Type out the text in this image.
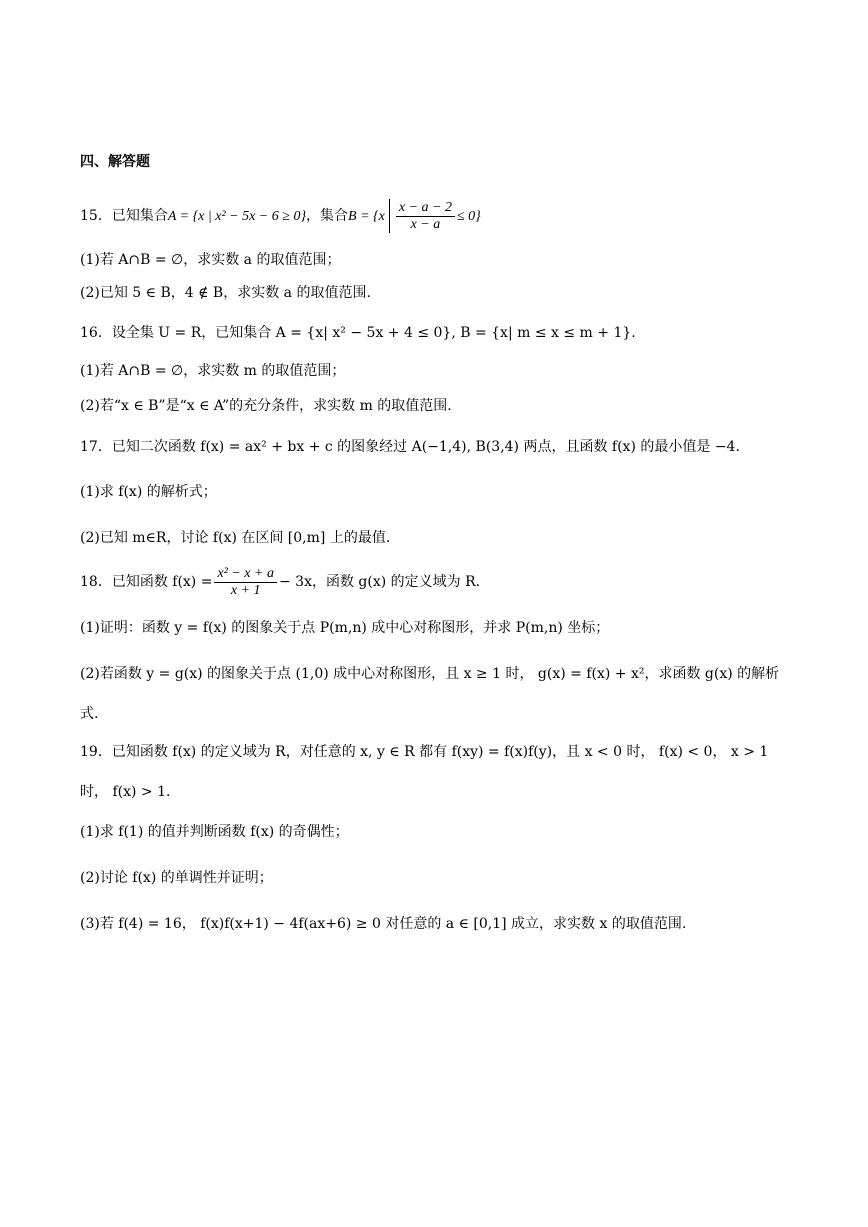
四、解答题
15．已知集合A = {x | x² − 5x − 6 ≥ 0}，集合$B = \{x \frac{x - a - 2}{x - a} \le 0\}$
(1)若 A∩B = ∅，求实数 a 的取值范围；
(2)已知 5 ∈ B，4 ∉ B，求实数 a 的取值范围.
16．设全集 U = R，已知集合 A = {x| x² − 5x + 4 ≤ 0}, B = {x| m ≤ x ≤ m + 1}.
(1)若 A∩B = ∅，求实数 m 的取值范围；
(2)若“x ∈ B”是“x ∈ A”的充分条件，求实数 m 的取值范围.
17．已知二次函数 f(x) = ax² + bx + c 的图象经过 A(−1,4), B(3,4) 两点，且函数 f(x) 的最小值是 −4.
(1)求 f(x) 的解析式；
(2)已知 m∈R，讨论 f(x) 在区间 [0,m] 上的最值.
18．已知函数 $f(x) = \frac{\text{x² − x + a}}{x + 1} - 3x$，函数 g(x) 的定义域为 R.
(1)证明：函数 y = f(x) 的图象关于点 P(m,n) 成中心对称图形，并求 P(m,n) 坐标；
(2)若函数 y = g(x) 的图象关于点 (1,0) 成中心对称图形，且 x ≥ 1 时， g(x) = f(x) + x²，求函数 g(x) 的解析
式.
19．已知函数 f(x) 的定义域为 R，对任意的 x, y ∈ R 都有 f(xy) = f(x)f(y)，且 x < 0 时， f(x) < 0， x > 1
时， f(x) > 1.
(1)求 f(1) 的值并判断函数 f(x) 的奇偶性；
(2)讨论 f(x) 的单调性并证明；
(3)若 f(4) = 16， f(x)f(x+1) − 4f(ax+6) ≥ 0 对任意的 a ∈ [0,1] 成立，求实数 x 的取值范围.
